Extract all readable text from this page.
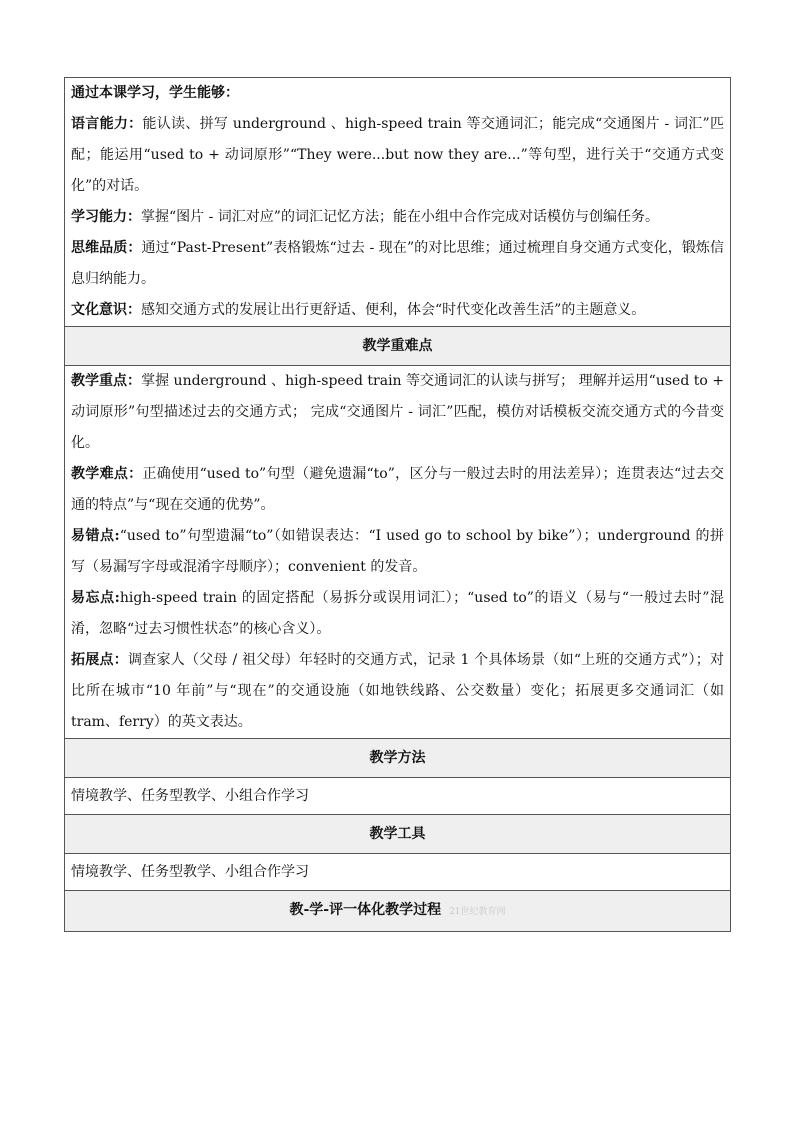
通过本课学习，学生能够：

语言能力：能认读、拼写 underground 、high-speed train 等交通词汇；能完成“交通图片 - 词汇”匹配；能运用“used to + 动词原形”“They were...but now they are...”等句型，进行关于“交通方式变化”的对话。

学习能力：掌握“图片 - 词汇对应”的词汇记忆方法；能在小组中合作完成对话模仿与创编任务。

思维品质：通过“Past-Present”表格锻炼“过去 - 现在”的对比思维；通过梳理自身交通方式变化，锻炼信息归纳能力。

文化意识：感知交通方式的发展让出行更舒适、便利，体会“时代变化改善生活”的主题意义。

教学重难点

教学重点：掌握 underground 、high-speed train 等交通词汇的认读与拼写； 理解并运用“used to + 动词原形”句型描述过去的交通方式； 完成“交通图片 - 词汇”匹配，模仿对话模板交流交通方式的今昔变化。

教学难点：正确使用“used to”句型（避免遗漏“to”，区分与一般过去时的用法差异）；连贯表达“过去交通的特点”与“现在交通的优势”。

易错点:“used to”句型遗漏“to”（如错误表达：“I used go to school by bike”）；underground 的拼写（易漏写字母或混淆字母顺序）；convenient 的发音。

易忘点:high-speed train 的固定搭配（易拆分或误用词汇）；“used to”的语义（易与“一般过去时”混淆，忽略“过去习惯性状态”的核心含义）。

拓展点：调查家人（父母 / 祖父母）年轻时的交通方式，记录 1 个具体场景（如“上班的交通方式”）；对比所在城市“10 年前”与“现在”的交通设施（如地铁线路、公交数量）变化；拓展更多交通词汇（如 tram、ferry）的英文表达。

教学方法
情境教学、任务型教学、小组合作学习
教学工具
情境教学、任务型教学、小组合作学习
教-学-评一体化教学过程 21世纪教育网
